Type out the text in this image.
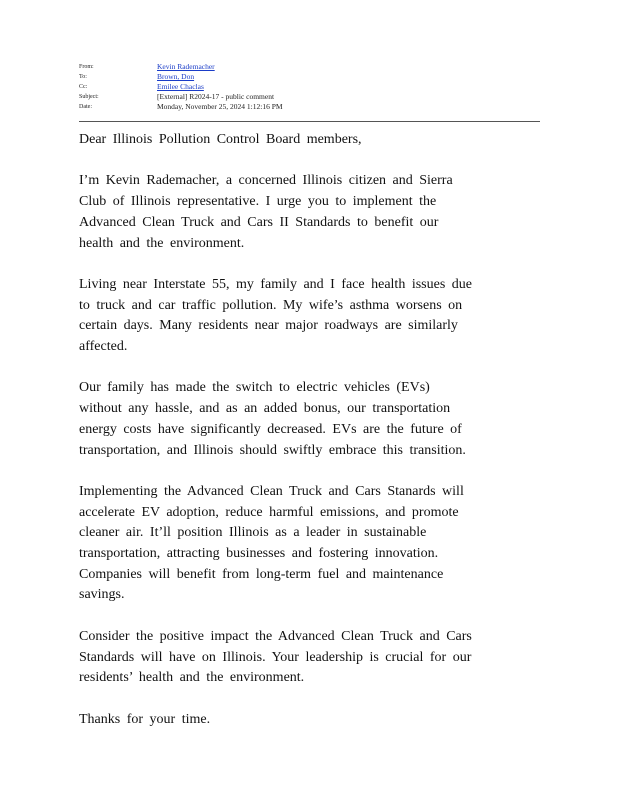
From:	Kevin Rademacher
To:	Brown, Don
Cc:	Emilee Chaclas
Subject:	[External] R2024-17 - public comment
Date:	Monday, November 25, 2024 1:12:16 PM

Dear Illinois Pollution Control Board members,

I’m Kevin Rademacher, a concerned Illinois citizen and Sierra
Club of Illinois representative. I urge you to implement the
Advanced Clean Truck and Cars II Standards to benefit our
health and the environment.

Living near Interstate 55, my family and I face health issues due
to truck and car traffic pollution. My wife’s asthma worsens on
certain days. Many residents near major roadways are similarly
affected.

Our family has made the switch to electric vehicles (EVs)
without any hassle, and as an added bonus, our transportation
energy costs have significantly decreased. EVs are the future of
transportation, and Illinois should swiftly embrace this transition.

Implementing the Advanced Clean Truck and Cars Stanards will
accelerate EV adoption, reduce harmful emissions, and promote
cleaner air. It’ll position Illinois as a leader in sustainable
transportation, attracting businesses and fostering innovation.
Companies will benefit from long-term fuel and maintenance
savings.

Consider the positive impact the Advanced Clean Truck and Cars
Standards will have on Illinois. Your leadership is crucial for our
residents’ health and the environment.

Thanks for your time.
